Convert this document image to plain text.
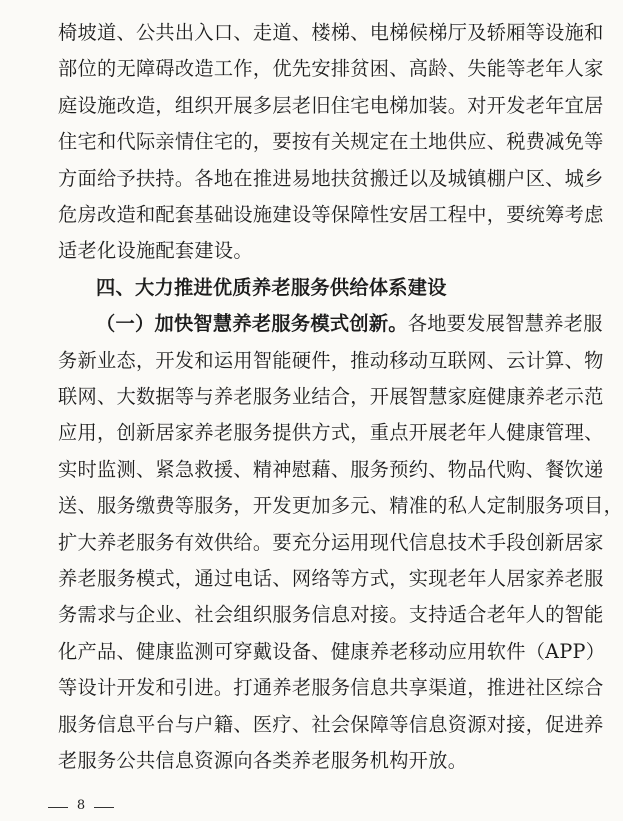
椅坡道、公共出入口、走道、楼梯、电梯候梯厅及轿厢等设施和
部位的无障碍改造工作，优先安排贫困、高龄、失能等老年人家
庭设施改造，组织开展多层老旧住宅电梯加装。对开发老年宜居
住宅和代际亲情住宅的，要按有关规定在土地供应、税费减免等
方面给予扶持。各地在推进易地扶贫搬迁以及城镇棚户区、城乡
危房改造和配套基础设施建设等保障性安居工程中，要统筹考虑
适老化设施配套建设。
四、大力推进优质养老服务供给体系建设
（一）加快智慧养老服务模式创新。各地要发展智慧养老服
务新业态，开发和运用智能硬件，推动移动互联网、云计算、物
联网、大数据等与养老服务业结合，开展智慧家庭健康养老示范
应用，创新居家养老服务提供方式，重点开展老年人健康管理、
实时监测、紧急救援、精神慰藉、服务预约、物品代购、餐饮递
送、服务缴费等服务，开发更加多元、精准的私人定制服务项目，
扩大养老服务有效供给。要充分运用现代信息技术手段创新居家
养老服务模式，通过电话、网络等方式，实现老年人居家养老服
务需求与企业、社会组织服务信息对接。支持适合老年人的智能
化产品、健康监测可穿戴设备、健康养老移动应用软件（APP）
等设计开发和引进。打通养老服务信息共享渠道，推进社区综合
服务信息平台与户籍、医疗、社会保障等信息资源对接，促进养
老服务公共信息资源向各类养老服务机构开放。
8
